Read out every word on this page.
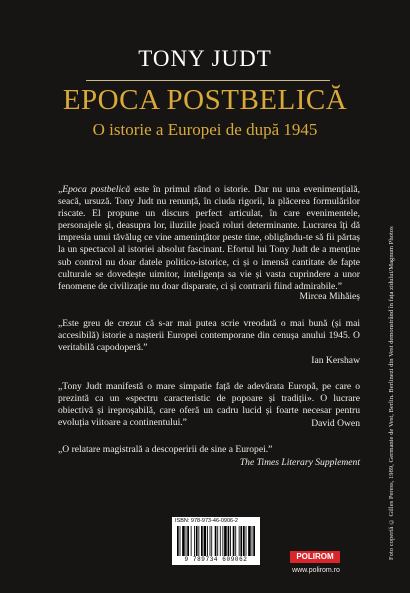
TONY JUDT
EPOCA POSTBELICĂ
O istorie a Europei de după 1945

„Epoca postbelică este în primul rând o istorie. Dar nu una evenimențială, seacă, ursuză. Tony Judt nu renunță, în ciuda rigorii, la plăcerea formulărilor riscate. El propune un discurs perfect articulat, în care evenimentele, personajele și, deasupra lor, iluziile joacă roluri determinante. Lucrarea îți dă impresia unui tăvălug ce vine amenințător peste tine, obligându-te să fii părtaș la un spectacol al istoriei absolut fascinant. Efortul lui Tony Judt de a menține sub control nu doar datele politico-istorice, ci și o imensă cantitate de fapte culturale se dovedește uimitor, inteligența sa vie și vasta cuprindere a unor fenomene de civilizație nu doar disparate, ci și contrarii fiind admirabile.”

Mircea Mihăieș

„Este greu de crezut că s-ar mai putea scrie vreodată o mai bună (și mai accesibilă) istorie a nașterii Europei contemporane din cenușa anului 1945. O veritabilă capodoperă.”

Ian Kershaw

„Tony Judt manifestă o mare simpatie față de adevărata Europă, pe care o prezintă ca un «spectru caracteristic de popoare și tradiții». O lucrare obiectivă și ireproșabilă, care oferă un cadru lucid și foarte necesar pentru evoluția viitoare a continentului.”	David Owen

„O relatare magistrală a descoperirii de sine a Europei.”

The Times Literary Supplement	Foto copertă © Gilles Peress, 1989, Germanie de Vest, Berlin. Berlinezi din Vest demonstrând în fața zidului/Magnum Photos
ISBN: 978-973-46-0906-2
9 789734 609062	POLIROM
www.polirom.ro
